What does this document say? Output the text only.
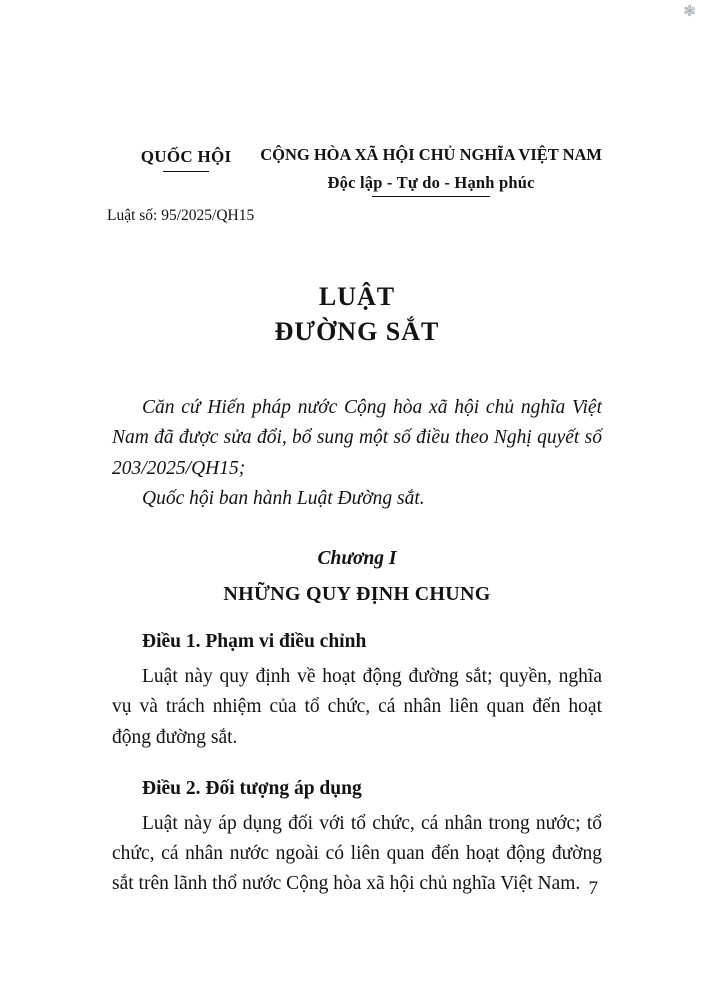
❃
QUỐC HỘI	CỘNG HÒA XÃ HỘI CHỦ NGHĨA VIỆT NAM
Độc lập - Tự do - Hạnh phúc
Luật số: 95/2025/QH15
LUẬT
ĐƯỜNG SẮT

Căn cứ Hiến pháp nước Cộng hòa xã hội chủ nghĩa Việt Nam đã được sửa đổi, bổ sung một số điều theo Nghị quyết số 203/2025/QH15;

Quốc hội ban hành Luật Đường sắt.

Chương I
NHỮNG QUY ĐỊNH CHUNG
Điều 1. Phạm vi điều chỉnh

Luật này quy định về hoạt động đường sắt; quyền, nghĩa vụ và trách nhiệm của tổ chức, cá nhân liên quan đến hoạt động đường sắt.

Điều 2. Đối tượng áp dụng

Luật này áp dụng đối với tổ chức, cá nhân trong nước; tổ chức, cá nhân nước ngoài có liên quan đến hoạt động đường sắt trên lãnh thổ nước Cộng hòa xã hội chủ nghĩa Việt Nam. 7
